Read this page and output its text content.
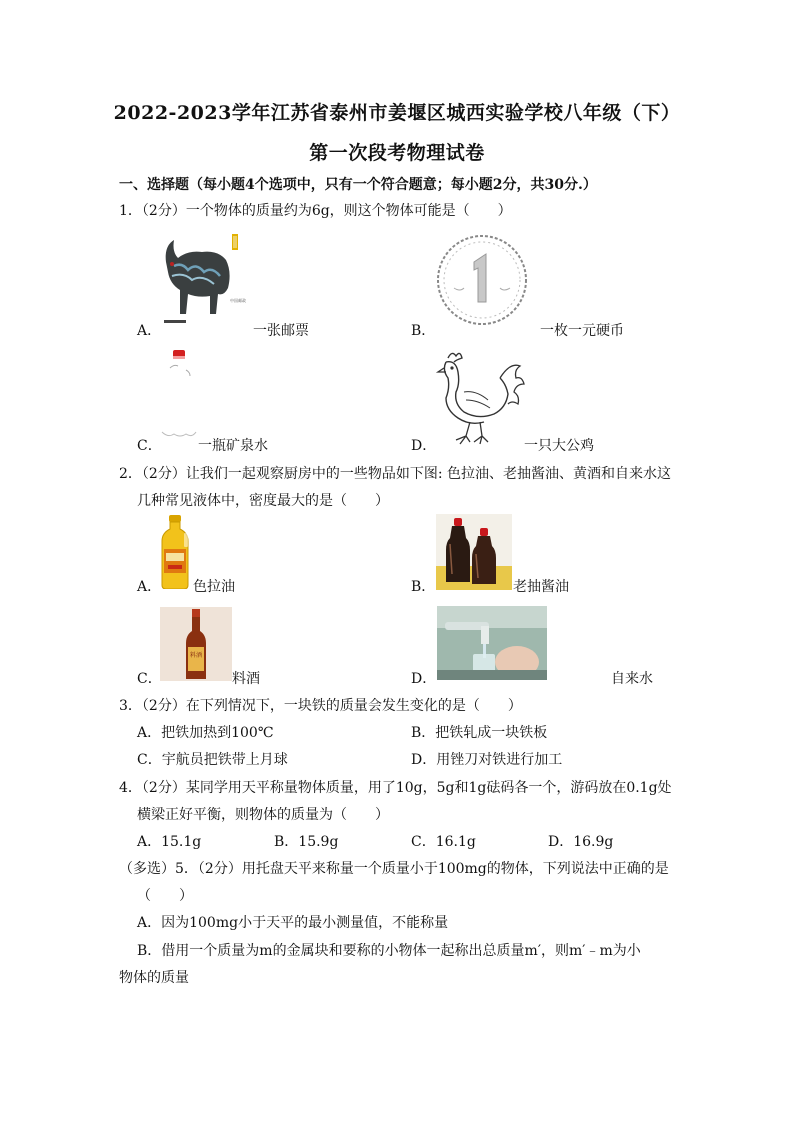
2022-2023学年江苏省泰州市姜堰区城西实验学校八年级（下）
第一次段考物理试卷
一、选择题（每小题4个选项中，只有一个符合题意；每小题2分，共30分.）
1．（2分）一个物体的质量约为6g，则这个物体可能是（　　）
中国邮政
A．	一张邮票	B．	一枚一元硬币
C．	一瓶矿泉水	D．	一只大公鸡
2．（2分）让我们一起观察厨房中的一些物品如下图: 色拉油、老抽酱油、黄酒和自来水这
几种常见液体中，密度最大的是（　　）
A． 色拉油	B．	老抽酱油
料酒
C．	料酒	D．	自来水
3．（2分）在下列情况下，一块铁的质量会发生变化的是（　　）
A．把铁加热到100℃	B．把铁轧成一块铁板
C．宇航员把铁带上月球	D．用锉刀对铁进行加工
4．（2分）某同学用天平称量物体质量，用了10g，5g和1g砝码各一个，游码放在0.1g处
横梁正好平衡，则物体的质量为（　　）
A．15.1g	B．15.9g	C．16.1g	D．16.9g
（多选）5．（2分）用托盘天平来称量一个质量小于100mg的物体，下列说法中正确的是
（　　）
A．因为100mg小于天平的最小测量值，不能称量
B．借用一个质量为m的金属块和要称的小物体一起称出总质量m′，则m′﹣m为小
物体的质量
